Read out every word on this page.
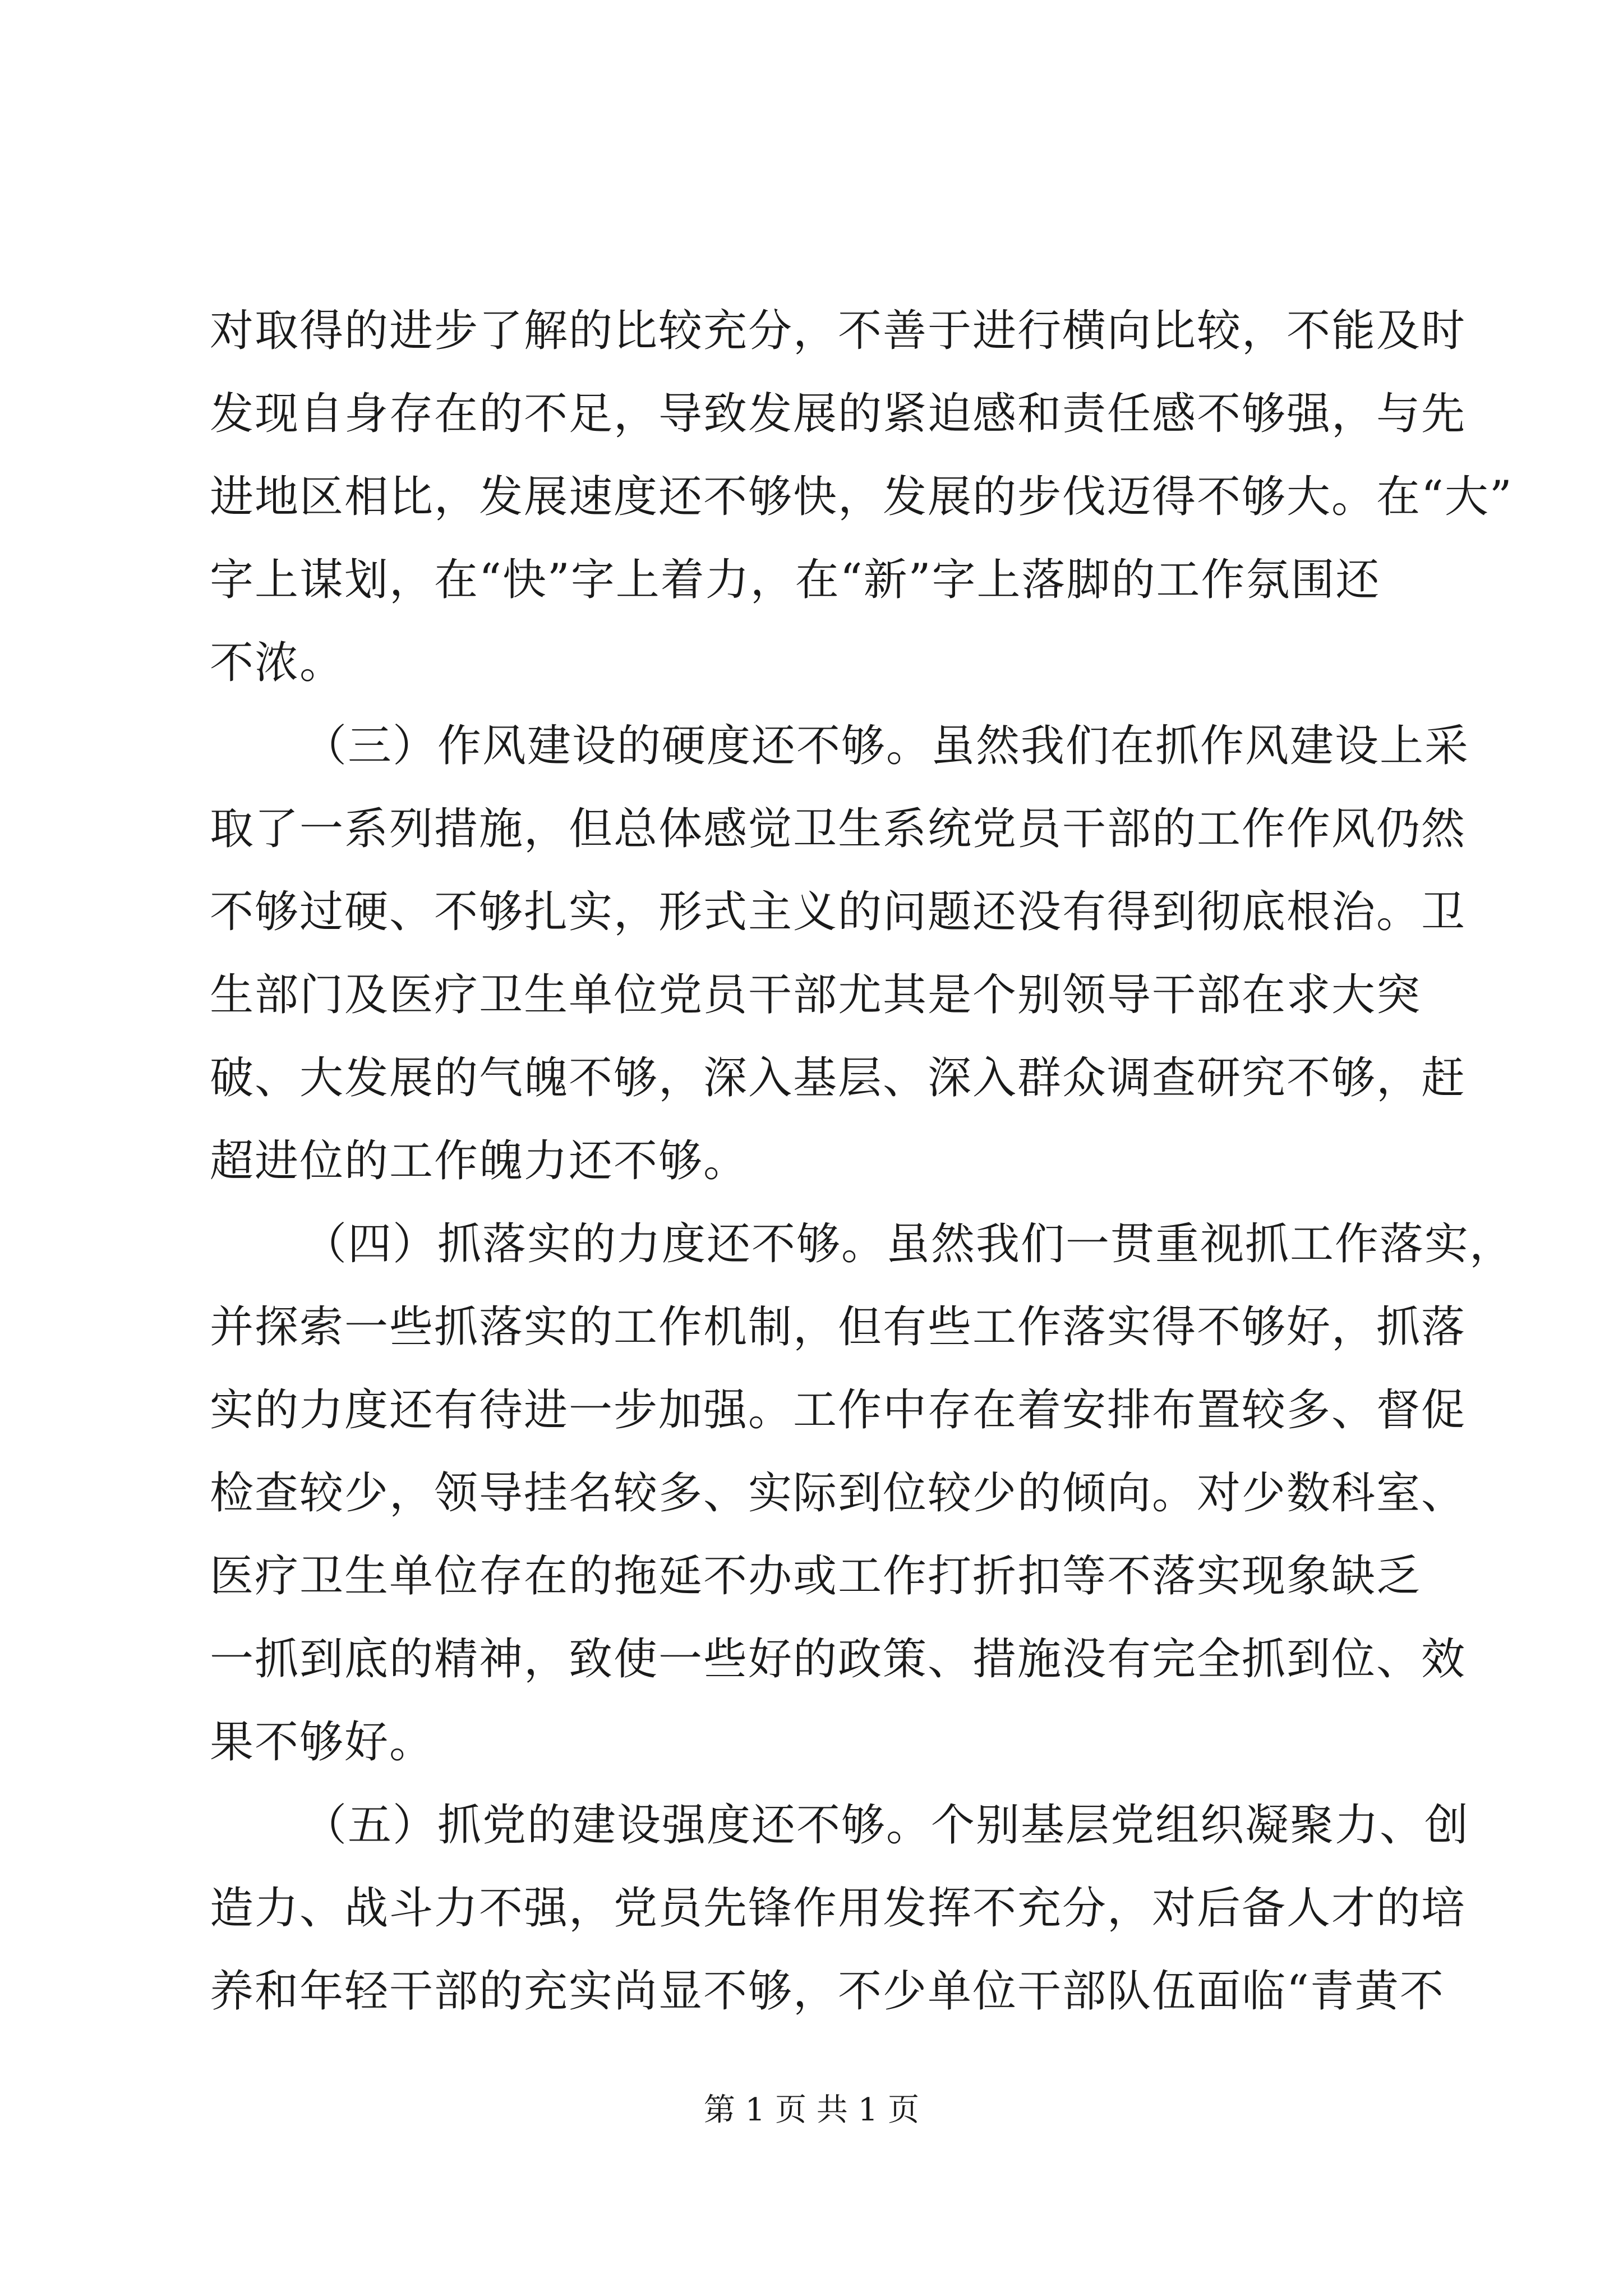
对取得的进步了解的比较充分，不善于进行横向比较，不能及时
发现自身存在的不足，导致发展的紧迫感和责任感不够强，与先
进地区相比，发展速度还不够快，发展的步伐迈得不够大。在“大”
字上谋划，在“快”字上着力，在“新”字上落脚的工作氛围还
不浓。
（三）作风建设的硬度还不够。虽然我们在抓作风建设上采
取了一系列措施，但总体感觉卫生系统党员干部的工作作风仍然
不够过硬、不够扎实，形式主义的问题还没有得到彻底根治。卫
生部门及医疗卫生单位党员干部尤其是个别领导干部在求大突
破、大发展的气魄不够，深入基层、深入群众调查研究不够，赶
超进位的工作魄力还不够。
（四）抓落实的力度还不够。虽然我们一贯重视抓工作落实，
并探索一些抓落实的工作机制，但有些工作落实得不够好，抓落
实的力度还有待进一步加强。工作中存在着安排布置较多、督促
检查较少，领导挂名较多、实际到位较少的倾向。对少数科室、
医疗卫生单位存在的拖延不办或工作打折扣等不落实现象缺乏
一抓到底的精神，致使一些好的政策、措施没有完全抓到位、效
果不够好。
（五）抓党的建设强度还不够。个别基层党组织凝聚力、创
造力、战斗力不强，党员先锋作用发挥不充分，对后备人才的培
养和年轻干部的充实尚显不够，不少单位干部队伍面临“青黄不
第 1 页 共 1 页
